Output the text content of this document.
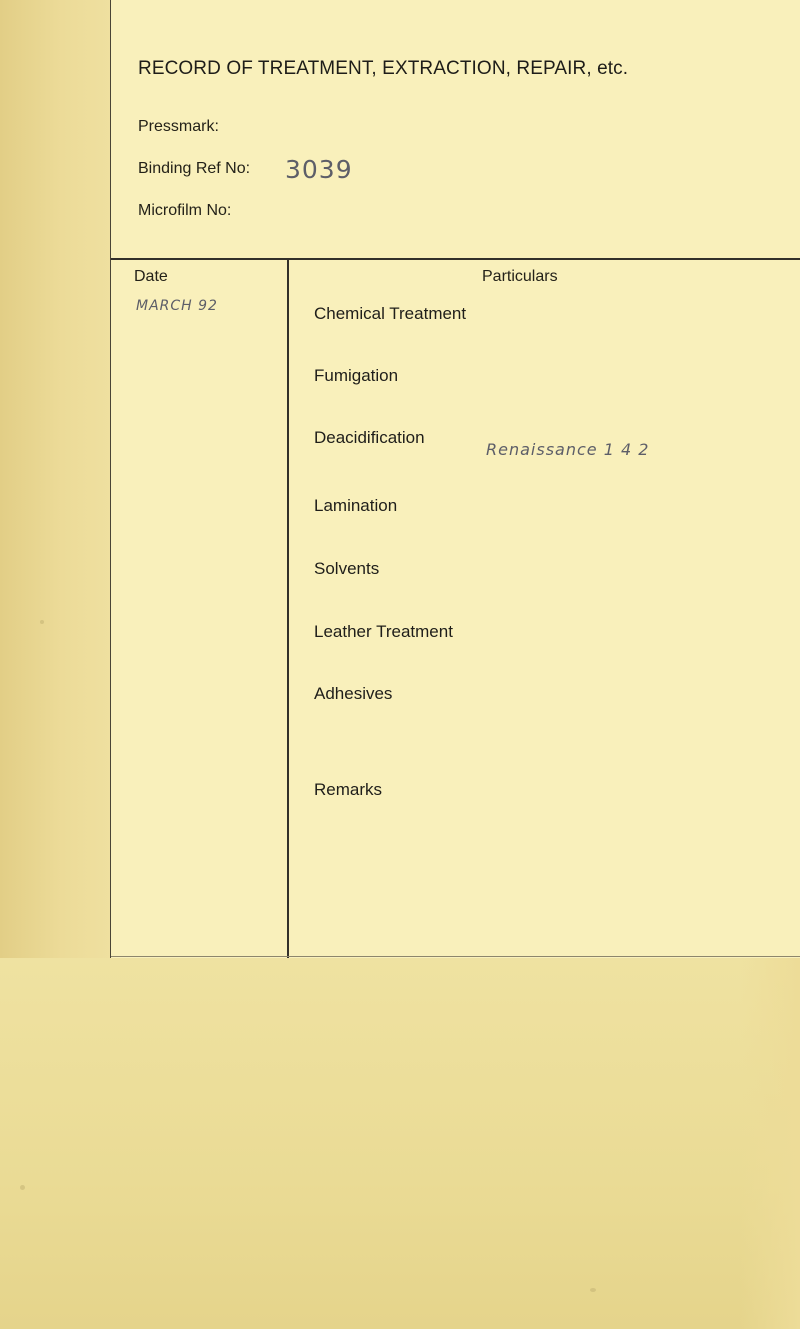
RECORD OF TREATMENT, EXTRACTION, REPAIR, etc.
Pressmark:
Binding Ref No: 3039
Microfilm No:
Date	Particulars
MARCH 92	Chemical Treatment
Fumigation
Deacidification
Renaissance 1 4 2
Lamination
Solvents
Leather Treatment
Adhesives
Remarks
